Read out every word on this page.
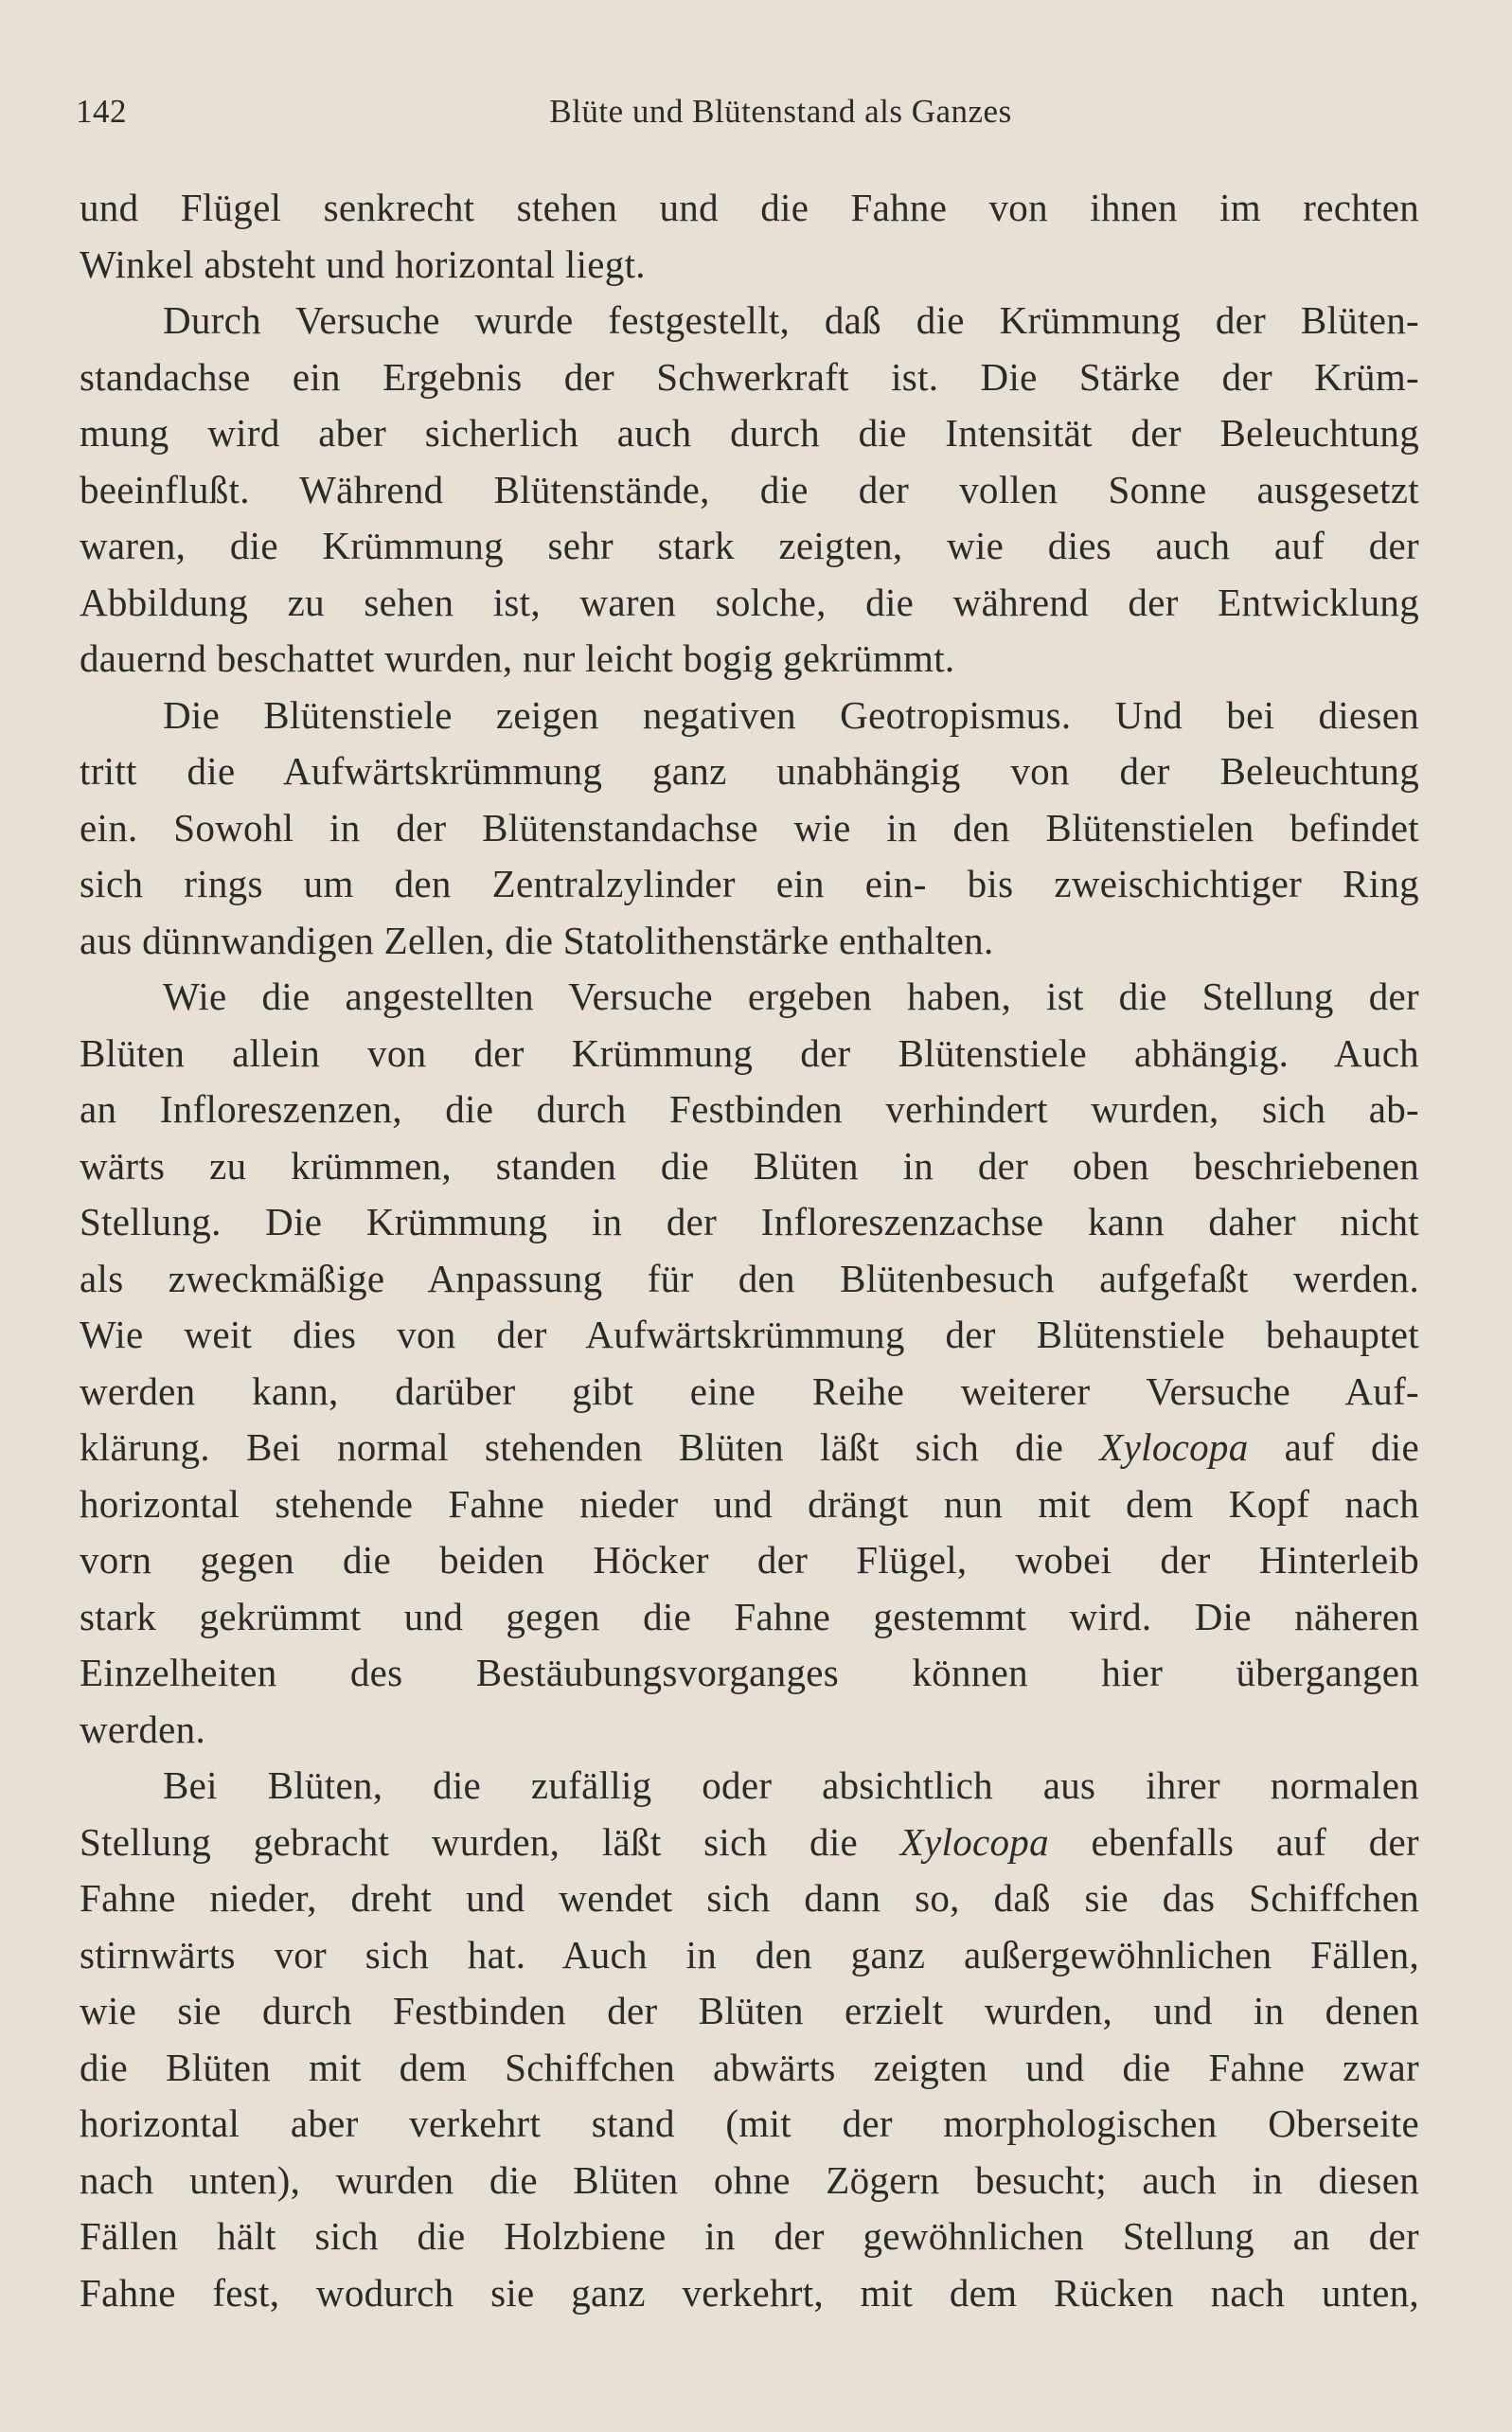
142	Blüte und Blütenstand als Ganzes
und Flügel senkrecht stehen und die Fahne von ihnen im rechten
Winkel absteht und horizontal liegt.
Durch Versuche wurde festgestellt, daß die Krümmung der Blüten-
standachse ein Ergebnis der Schwerkraft ist. Die Stärke der Krüm-
mung wird aber sicherlich auch durch die Intensität der Beleuchtung
beeinflußt. Während Blütenstände, die der vollen Sonne ausgesetzt
waren, die Krümmung sehr stark zeigten, wie dies auch auf der
Abbildung zu sehen ist, waren solche, die während der Entwicklung
dauernd beschattet wurden, nur leicht bogig gekrümmt.
Die Blütenstiele zeigen negativen Geotropismus. Und bei diesen
tritt die Aufwärtskrümmung ganz unabhängig von der Beleuchtung
ein. Sowohl in der Blütenstandachse wie in den Blütenstielen befindet
sich rings um den Zentralzylinder ein ein- bis zweischichtiger Ring
aus dünnwandigen Zellen, die Statolithenstärke enthalten.
Wie die angestellten Versuche ergeben haben, ist die Stellung der
Blüten allein von der Krümmung der Blütenstiele abhängig. Auch
an Infloreszenzen, die durch Festbinden verhindert wurden, sich ab-
wärts zu krümmen, standen die Blüten in der oben beschriebenen
Stellung. Die Krümmung in der Infloreszenzachse kann daher nicht
als zweckmäßige Anpassung für den Blütenbesuch aufgefaßt werden.
Wie weit dies von der Aufwärtskrümmung der Blütenstiele behauptet
werden kann, darüber gibt eine Reihe weiterer Versuche Auf-
klärung. Bei normal stehenden Blüten läßt sich die Xylocopa auf die
horizontal stehende Fahne nieder und drängt nun mit dem Kopf nach
vorn gegen die beiden Höcker der Flügel, wobei der Hinterleib
stark gekrümmt und gegen die Fahne gestemmt wird. Die näheren
Einzelheiten des Bestäubungsvorganges können hier übergangen
werden.
Bei Blüten, die zufällig oder absichtlich aus ihrer normalen
Stellung gebracht wurden, läßt sich die Xylocopa ebenfalls auf der
Fahne nieder, dreht und wendet sich dann so, daß sie das Schiffchen
stirnwärts vor sich hat. Auch in den ganz außergewöhnlichen Fällen,
wie sie durch Festbinden der Blüten erzielt wurden, und in denen
die Blüten mit dem Schiffchen abwärts zeigten und die Fahne zwar
horizontal aber verkehrt stand (mit der morphologischen Oberseite
nach unten), wurden die Blüten ohne Zögern besucht; auch in diesen
Fällen hält sich die Holzbiene in der gewöhnlichen Stellung an der
Fahne fest, wodurch sie ganz verkehrt, mit dem Rücken nach unten,
